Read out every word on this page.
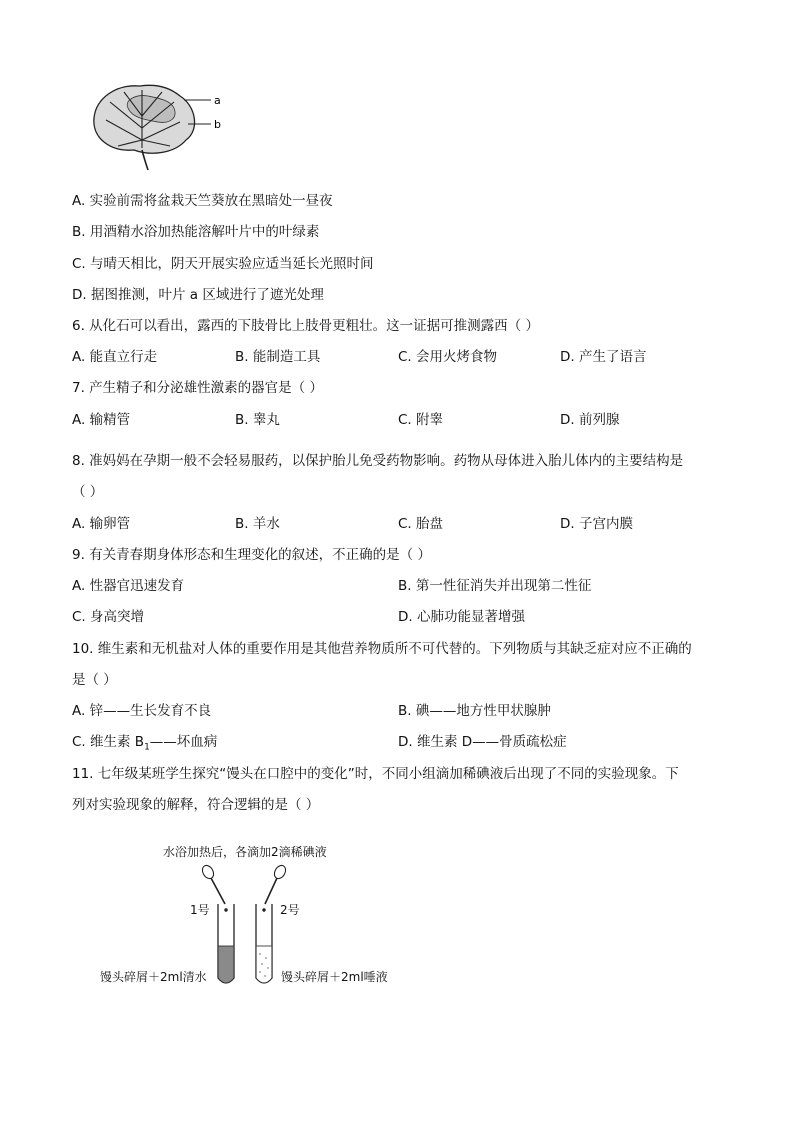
a
b
A. 实验前需将盆栽天竺葵放在黑暗处一昼夜
B. 用酒精水浴加热能溶解叶片中的叶绿素
C. 与晴天相比，阴天开展实验应适当延长光照时间
D. 据图推测，叶片 a 区域进行了遮光处理
6. 从化石可以看出，露西的下肢骨比上肢骨更粗壮。这一证据可推测露西（ ）
A. 能直立行走	B. 能制造工具	C. 会用火烤食物	D. 产生了语言
7. 产生精子和分泌雄性激素的器官是（ ）
A. 输精管	B. 睾丸	C. 附睾	D. 前列腺
8. 准妈妈在孕期一般不会轻易服药，以保护胎儿免受药物影响。药物从母体进入胎儿体内的主要结构是
（ ）
A. 输卵管	B. 羊水	C. 胎盘	D. 子宫内膜
9. 有关青春期身体形态和生理变化的叙述，不正确的是（ ）
A. 性器官迅速发育	B. 第一性征消失并出现第二性征
C. 身高突增	D. 心肺功能显著增强
10. 维生素和无机盐对人体的重要作用是其他营养物质所不可代替的。下列物质与其缺乏症对应不正确的
是（ ）
A. 锌——生长发育不良	B. 碘——地方性甲状腺肿
C. 维生素 $B_1——$坏血病	D. 维生素 D——骨质疏松症
11. 七年级某班学生探究“馒头在口腔中的变化”时，不同小组滴加稀碘液后出现了不同的实验现象。下
列对实验现象的解释，符合逻辑的是（ ）
水浴加热后，各滴加2滴稀碘液
1号	2号
馒头碎屑＋2ml清水	馒头碎屑＋2ml唾液
